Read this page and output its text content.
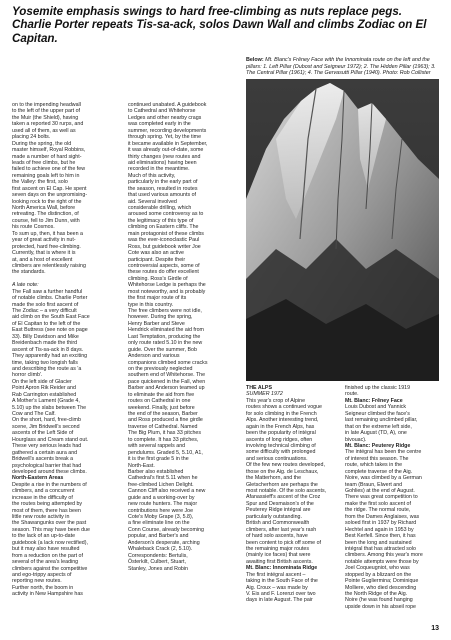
Yosemite emphasis swings to hard free-climbing as nuts replace pegs. Charlie Porter repeats Tis-sa-ack, solos Dawn Wall and climbs Zodiac on El Capitan.
Below: Mt. Blanc's Frêney Face with the Innominata route on the left and the pillars: 1. Left Pillar (Dubost and Seigneur 1972); 2. The Hidden Pillar (1963); 3. The Central Pillar (1961); 4. The Gervasutti Pillar (1940). Photo: Rob Collister
on to the impending headwall
to the left of the upper part of
the Muir (the Shield), having
taken a reported 30 rurps, and
used all of them, as well as
placing 24 bolts.
During the spring, the old
master himself, Royal Robbins,
made a number of hard sight-
leads of free climbs, but he
failed to achieve one of the few
remaining goals left to him in
the Valley: the first, solo
first ascent on El Cap. He spent
seven days on the unpromising-
looking rock to the right of the
North America Wall, before
retreating. The distinction, of
course, fell to Jim Dunn, with
his route Cosmos.
To sum up, then, it has been a
year of great activity in nut-
protected, hard free-climbing.
Currently, that is where it is
at, and a host of excellent
climbers are relentlessly raising
the standards.
A late note:
The Fall saw a further handful
of notable climbs. Charlie Porter
made the solo first ascent of
The Zodiac – a very difficult
aid climb on the South East Face
of El Capitan to the left of the
East Buttress (see note on page
33). Billy Davidson and Mike
Breidenbach made the third
ascent of Tis-sa-ack in 8 days.
They apparently had an exciting
time, taking two longish falls
and describing the route as 'a
horror climb'.
On the left side of Glacier
Point Apron Rik Reider and
Rab Carrington established
A Mother's Lament (Grade 4,
5.10) up the slabs between The
Cow and The Calf.
On the short, hard, free-climb
scene, Jim Bridwell's second
ascents of the Left Side of
Hourglass and Cream stand out.
These very serious leads had
gathered a certain aura and
Bridwell's ascents break a
psychological barrier that had
developed around these climbs.
North-Eastern Areas
Despite a rise in the numbers of
climbers, and a concurrent
increase in the difficulty of
the routes being attempted by
most of them, there has been
little new route activity in
the Shawangunks over the past
season. This may have been due
to the lack of an up-to-date
guidebook (a lack now rectified),
but it may also have resulted
from a reduction on the part of
several of the area's leading
climbers against the competitive
and ego-trippy aspects of
reporting new routes.
Further north, the boom in
activity in New Hampshire has
continued unabated. A guidebook
to Cathedral and Whitehorse
Ledges and other nearby crags
was completed early in the
summer, recording developments
through spring. Yet, by the time
it became available in September,
it was already out-of-date, some
thirty changes (new routes and
aid eliminations) having been
recorded in the meantime.
Much of this activity,
particularly in the early part of
the season, resulted in routes
that used various amounts of
aid. Several involved
considerable drilling, which
aroused some controversy as to
the legitimacy of this type of
climbing on Eastern cliffs. The
main protagonist of these climbs
was the ever-iconoclastic Paul
Ross, but guidebook writer Joe
Cote was also an active
participant. Despite their
controversial aspects, some of
these routes do offer excellent
climbing. Ross's Girdle of
Whitehorse Ledge is perhaps the
most noteworthy, and is probably
the first major route of its
type in this country.
The free climbers were not idle,
however. During the spring,
Henry Barber and Steve
Hendrick eliminated the aid from
Last Temptation, producing the
only route rated 5.10 in the new
guide. Over the summer, Bob
Anderson and various
companions climbed some cracks
on the previously neglected
southern end of Whitehorse. The
pace quickened in the Fall, when
Barber and Anderson teamed up
to eliminate the aid from five
routes on Cathedral in one
weekend. Finally, just before
the end of the season, Barber
and Ross produced a fine girdle
traverse of Cathedral. Named
The Big Plum, it has 33 pitches
to complete. It has 33 pitches,
with several rappels and
pendulums. Graded 5, 5.10, A1,
it is the first grade 5 in the
North-East.
Barber also established
Cathedral's first 5.11 when he
free-climbed Lichen Delight.
Cannon Cliff also received a new
guide and a working-over by
new route hunters. The major
contributions here were Joe
Cote's Moby Grape (3, 5.8),
a fine eliminate line on the
Conn Course, already becoming
popular, and Barber's and
Anderson's desperate, arching
Whaleback Crack (2, 5.10).
Correspondents: Bertulis,
Österkilt, Culbert, Stuart,
Stanley, Jones and Robin
THE ALPS
SUMMER 1972
This year's crop of Alpine
routes shows a continued vogue
for solo climbing in the French
Alps. Another interesting trend,
again in the French Alps, has
been the popularity of intégral
ascents of long ridges, often
involving technical climbing of
some difficulty with prolonged
and serious continuations.
Of the few new routes developed,
those on the Aig. de Leschaux,
the Matterhorn, and the
Gletscherhorn are perhaps the
most notable. Of the solo ascents,
Afanassieff's ascent of the Croz
Spur and Desmaison's of the
Peuterey Ridge intégral are
particularly outstanding.
British and Commonwealth
climbers, after last year's rash
of hard solo ascents, have
been content to pick off some of
the remaining major routes
(mainly ice faces) that were
awaiting first British ascents.
Mt. Blanc: Innominata Ridge
The first intégral ascent –
taking in the South Face of the
Aig. Croux – was made by
V. Eis and F. Lorenzi over two
days in late August. The pair
finished up the classic 1919
route.
Mt. Blanc: Frêney Face
Louis Dubost and Yannick
Seigneur climbed the face's
last remaining unclimbed pillar,
that on the extreme left side,
in late August (TD, A), one
bivouac).
Mt. Blanc: Peuterey Ridge
The intégral has been the centre
of interest this season. The
route, which takes in the
complete traverse of the Aig.
Noire, was climbed by a German
team (Braun, Elwert and
Gohlies) at the end of August.
There was great competition to
make the first solo ascent of
the ridge. The normal route,
from the Dames Anglaises, was
soloed first in 1937 by Richard
Hechtel and again in 1953 by
Best Kerfell. Since then, it has
been the long and sustained
intégral that has attracted solo
climbers. Among this year's more
notable attempts were those by
Joel Coqueugniot, who was
stopped by a blizzard on the
Pointe Gugliermina; Dominique
Molliere, who died descending
the North Ridge of the Aig.
Noire (he was found hanging
upside down in his abseil rope
13
